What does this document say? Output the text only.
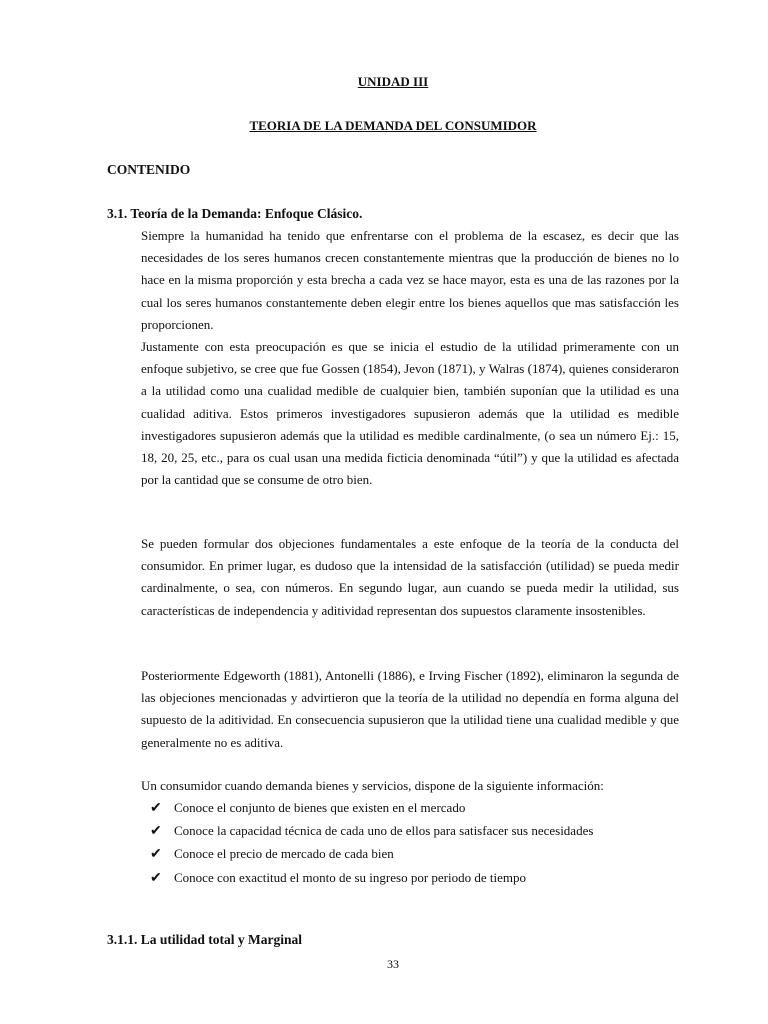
UNIDAD III
TEORIA DE LA DEMANDA DEL CONSUMIDOR
CONTENIDO
3.1. Teoría de la Demanda: Enfoque Clásico.
Siempre la humanidad ha tenido que enfrentarse con el problema de la escasez, es decir que las necesidades de los seres humanos crecen constantemente mientras que la producción de bienes no lo hace en la misma proporción y esta brecha a cada vez se hace mayor, esta es una de las razones por la cual los seres humanos constantemente deben elegir entre los bienes aquellos que mas satisfacción les proporcionen.
Justamente con esta preocupación es que se inicia el estudio de la utilidad primeramente con un enfoque subjetivo, se cree que fue Gossen (1854), Jevon (1871), y Walras (1874), quienes consideraron a la utilidad como una cualidad medible de cualquier bien, también suponían que la utilidad es una cualidad aditiva. Estos primeros investigadores supusieron además que la utilidad es medible investigadores supusieron además que la utilidad es medible cardinalmente, (o sea un número Ej.: 15, 18, 20, 25, etc., para os cual usan una medida ficticia denominada “útil”) y que la utilidad es afectada por la cantidad que se consume de otro bien.
Se pueden formular dos objeciones fundamentales a este enfoque de la teoría de la conducta del consumidor. En primer lugar, es dudoso que la intensidad de la satisfacción (utilidad) se pueda medir cardinalmente, o sea, con números. En segundo lugar, aun cuando se pueda medir la utilidad, sus características de independencia y aditividad representan dos supuestos claramente insostenibles.
Posteriormente Edgeworth (1881), Antonelli (1886), e Irving Fischer (1892), eliminaron la segunda de las objeciones mencionadas y advirtieron que la teoría de la utilidad no dependía en forma alguna del supuesto de la aditividad. En consecuencia supusieron que la utilidad tiene una cualidad medible y que generalmente no es aditiva.
Un consumidor cuando demanda bienes y servicios, dispone de la siguiente información:
✔ Conoce el conjunto de bienes que existen en el mercado
✔ Conoce la capacidad técnica de cada uno de ellos para satisfacer sus necesidades
✔ Conoce el precio de mercado de cada bien
✔ Conoce con exactitud el monto de su ingreso por periodo de tiempo
3.1.1. La utilidad total y Marginal
33
